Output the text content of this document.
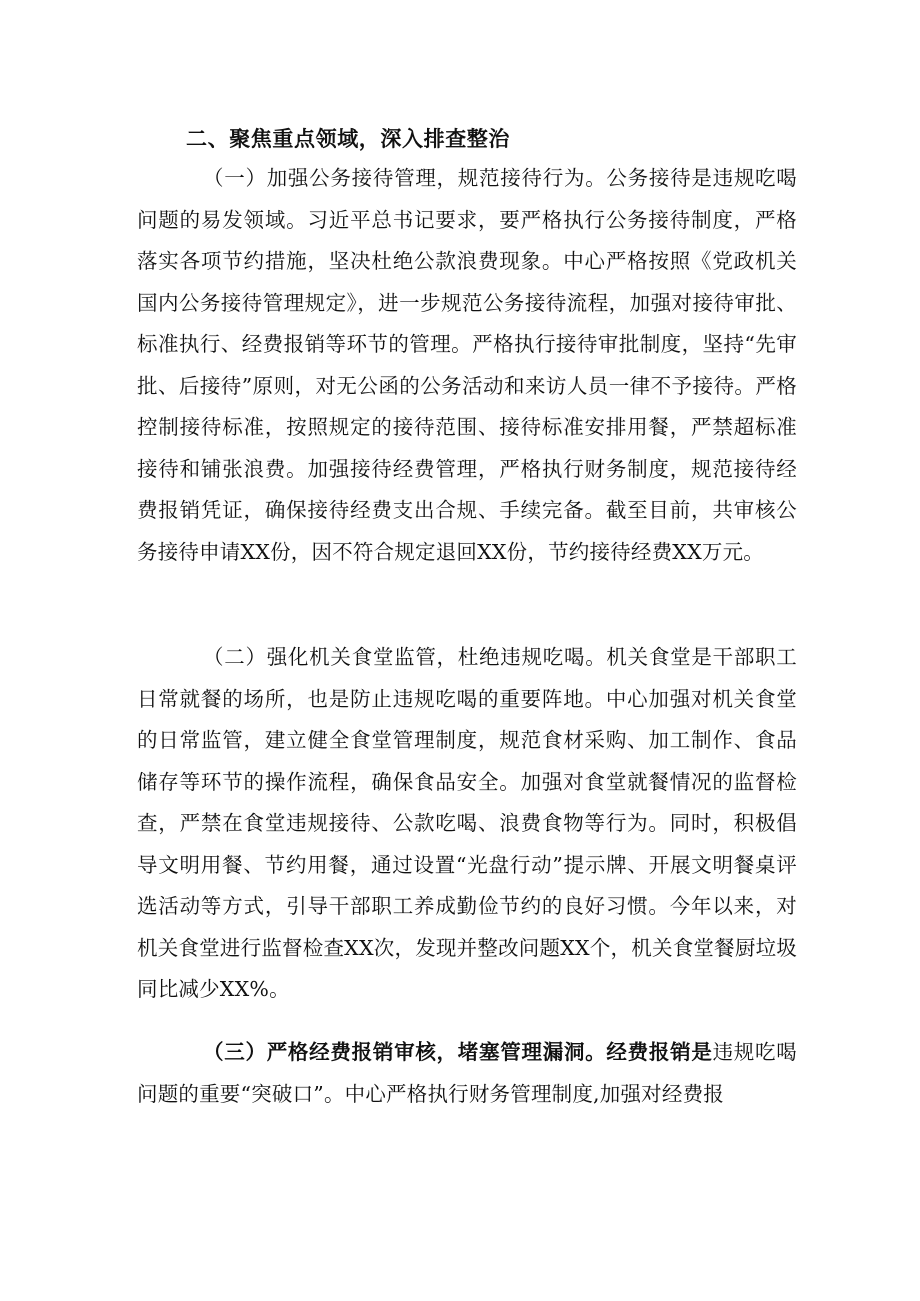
二、聚焦重点领域，深入排查整治
（一）加强公务接待管理，规范接待行为。公务接待是违规吃喝问题的易发领域。习近平总书记要求，要严格执行公务接待制度，严格落实各项节约措施，坚决杜绝公款浪费现象。中心严格按照《党政机关国内公务接待管理规定》，进一步规范公务接待流程，加强对接待审批、标准执行、经费报销等环节的管理。严格执行接待审批制度，坚持“先审批、后接待”原则，对无公函的公务活动和来访人员一律不予接待。严格控制接待标准，按照规定的接待范围、接待标准安排用餐，严禁超标准接待和铺张浪费。加强接待经费管理，严格执行财务制度，规范接待经费报销凭证，确保接待经费支出合规、手续完备。截至目前，共审核公务接待申请XX份，因不符合规定退回XX份，节约接待经费XX万元。
（二）强化机关食堂监管，杜绝违规吃喝。机关食堂是干部职工日常就餐的场所，也是防止违规吃喝的重要阵地。中心加强对机关食堂的日常监管，建立健全食堂管理制度，规范食材采购、加工制作、食品储存等环节的操作流程，确保食品安全。加强对食堂就餐情况的监督检查，严禁在食堂违规接待、公款吃喝、浪费食物等行为。同时，积极倡导文明用餐、节约用餐，通过设置“光盘行动”提示牌、开展文明餐桌评选活动等方式，引导干部职工养成勤俭节约的良好习惯。今年以来，对机关食堂进行监督检查XX次，发现并整改问题XX个，机关食堂餐厨垃圾同比减少XX%。
（三）严格经费报销审核，堵塞管理漏洞。经费报销是违规吃喝问题的重要“突破口”。中心严格执行财务管理制度,加强对经费报
